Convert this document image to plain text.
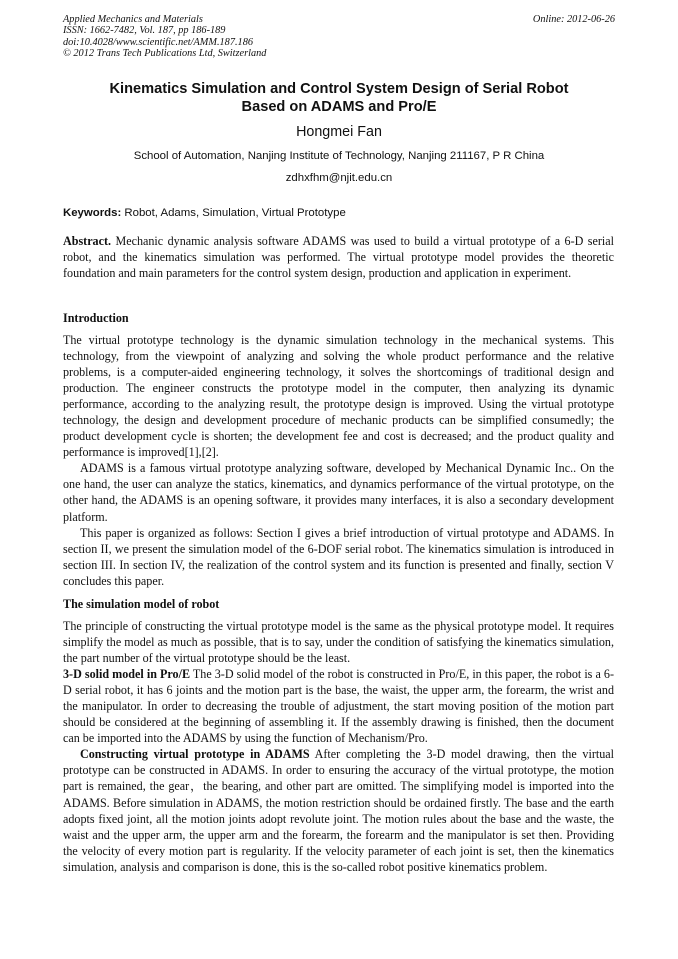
Applied Mechanics and Materials
ISSN: 1662-7482, Vol. 187, pp 186-189
doi:10.4028/www.scientific.net/AMM.187.186
© 2012 Trans Tech Publications Ltd, Switzerland
Online: 2012-06-26
Kinematics Simulation and Control System Design of Serial Robot
Based on ADAMS and Pro/E
Hongmei Fan
School of Automation, Nanjing Institute of Technology, Nanjing 211167, P R China
zdhxfhm@njit.edu.cn
Keywords: Robot, Adams, Simulation, Virtual Prototype

Abstract. Mechanic dynamic analysis software ADAMS was used to build a virtual prototype of a 6-D serial robot, and the kinematics simulation was performed. The virtual prototype model provides the theoretic foundation and main parameters for the control system design, production and application in experiment.

Introduction

The virtual prototype technology is the dynamic simulation technology in the mechanical systems. This technology, from the viewpoint of analyzing and solving the whole product performance and the relative problems, is a computer-aided engineering technology, it solves the shortcomings of traditional design and production. The engineer constructs the prototype model in the computer, then analyzing its dynamic performance, according to the analyzing result, the prototype design is improved. Using the virtual prototype technology, the design and development procedure of mechanic products can be simplified consumedly; the product development cycle is shorten; the development fee and cost is decreased; and the product quality and performance is improved[1],[2].

ADAMS is a famous virtual prototype analyzing software, developed by Mechanical Dynamic Inc.. On the one hand, the user can analyze the statics, kinematics, and dynamics performance of the virtual prototype, on the other hand, the ADAMS is an opening software, it provides many interfaces, it is also a secondary development platform.

This paper is organized as follows: Section I gives a brief introduction of virtual prototype and ADAMS. In section II, we present the simulation model of the 6-DOF serial robot. The kinematics simulation is introduced in section III. In section IV, the realization of the control system and its function is presented and finally, section V concludes this paper.

The simulation model of robot

The principle of constructing the virtual prototype model is the same as the physical prototype model. It requires simplify the model as much as possible, that is to say, under the condition of satisfying the kinematics simulation, the part number of the virtual prototype should be the least.

3-D solid model in Pro/E The 3-D solid model of the robot is constructed in Pro/E, in this paper, the robot is a 6-D serial robot, it has 6 joints and the motion part is the base, the waist, the upper arm, the forearm, the wrist and the manipulator. In order to decreasing the trouble of adjustment, the start moving position of the motion part should be considered at the beginning of assembling it. If the assembly drawing is finished, then the document can be imported into the ADAMS by using the function of Mechanism/Pro.

Constructing virtual prototype in ADAMS After completing the 3-D model drawing, then the virtual prototype can be constructed in ADAMS. In order to ensuring the accuracy of the virtual prototype, the motion part is remained, the gear，the bearing, and other part are omitted. The simplifying model is imported into the ADAMS. Before simulation in ADAMS, the motion restriction should be ordained firstly. The base and the earth adopts fixed joint, all the motion joints adopt revolute joint. The motion rules about the base and the waste, the waist and the upper arm, the upper arm and the forearm, the forearm and the manipulator is set then. Providing the velocity of every motion part is regularity. If the velocity parameter of each joint is set, then the kinematics simulation, analysis and comparison is done, this is the so-called robot positive kinematics problem.
